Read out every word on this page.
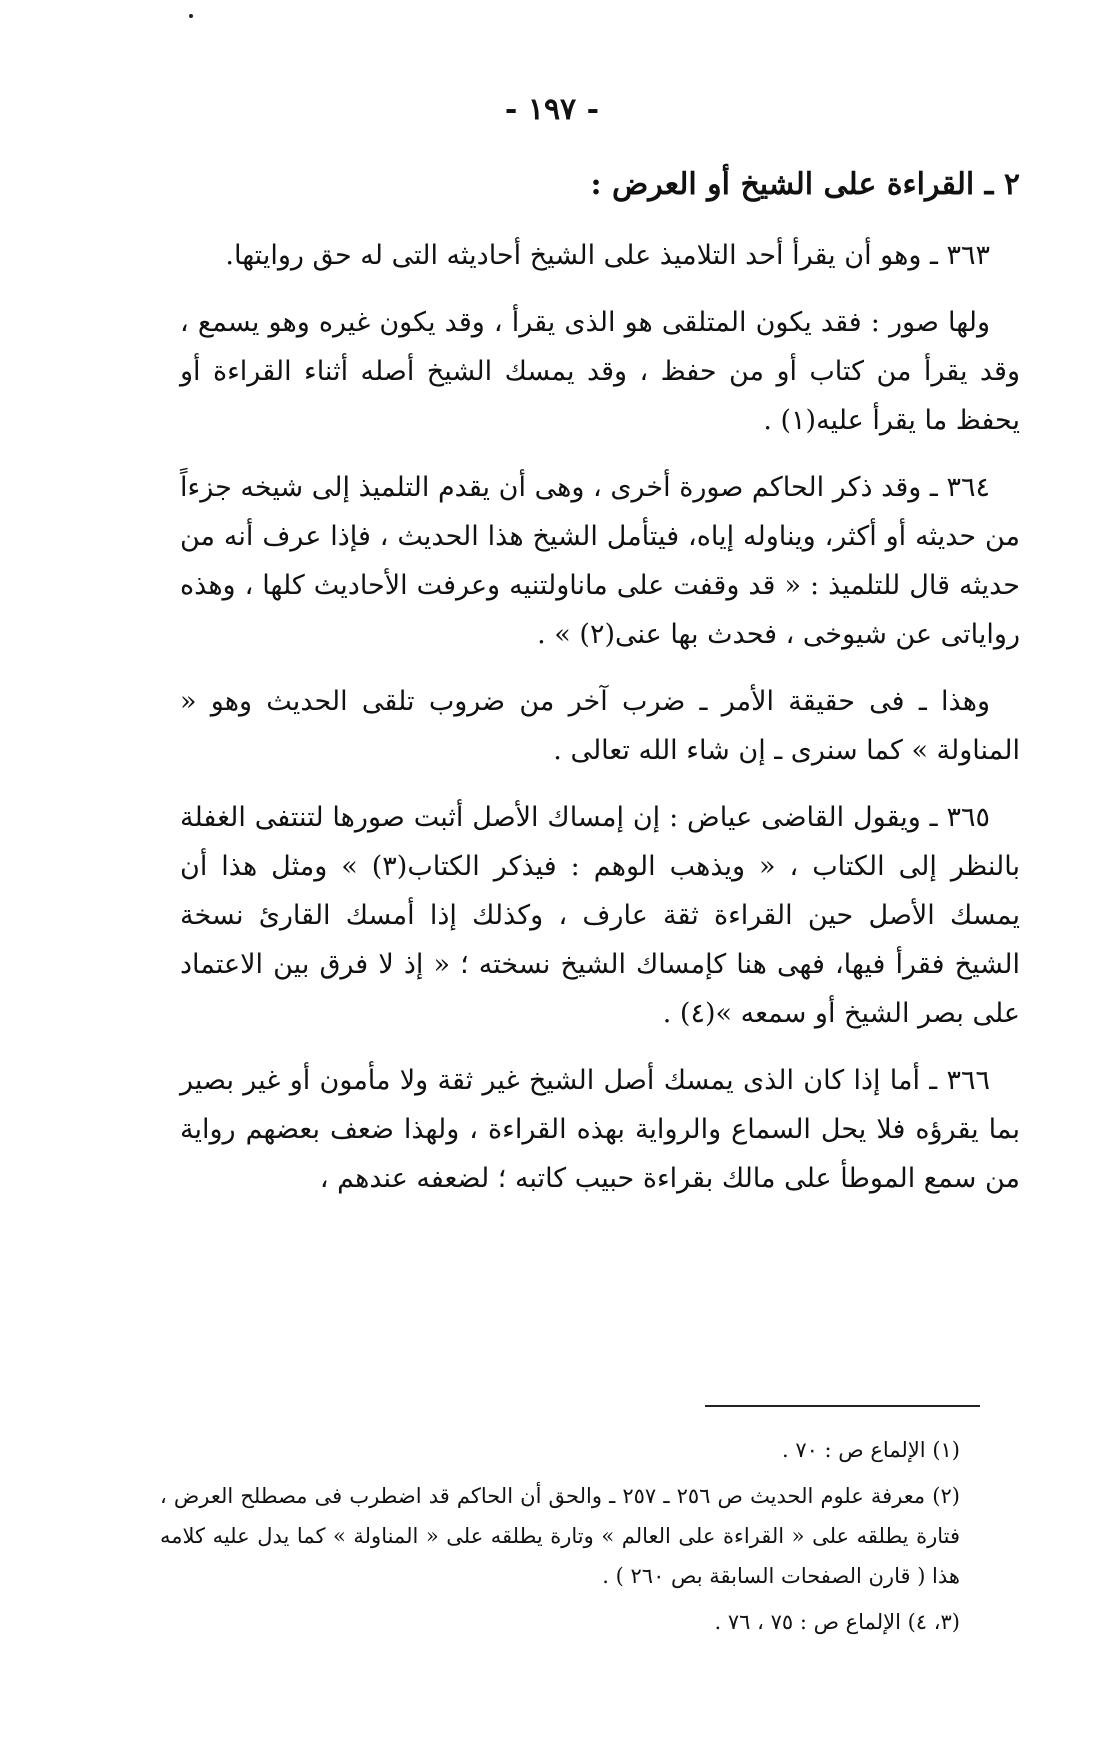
- ١٩٧ -
٢ ـ القراءة على الشيخ أو العرض :

٣٦٣ ـ وهو أن يقرأ أحد التلاميذ على الشيخ أحاديثه التى له حق روايتها.

ولها صور : فقد يكون المتلقى هو الذى يقرأ ، وقد يكون غيره وهو يسمع ، وقد يقرأ من كتاب أو من حفظ ، وقد يمسك الشيخ أصله أثناء القراءة أو يحفظ ما يقرأ عليه(١) .

٣٦٤ ـ وقد ذكر الحاكم صورة أخرى ، وهى أن يقدم التلميذ إلى شيخه جزءاً من حديثه أو أكثر، ويناوله إياه، فيتأمل الشيخ هذا الحديث ، فإذا عرف أنه من حديثه قال للتلميذ : « قد وقفت على ماناولتنيه وعرفت الأحاديث كلها ، وهذه رواياتى عن شيوخى ، فحدث بها عنى(٢) » .

وهذا ـ فى حقيقة الأمر ـ ضرب آخر من ضروب تلقى الحديث وهو « المناولة » كما سنرى ـ إن شاء الله تعالى .

٣٦٥ ـ ويقول القاضى عياض : إن إمساك الأصل أثبت صورها لتنتفى الغفلة بالنظر إلى الكتاب ، « ويذهب الوهم : فيذكر الكتاب(٣) » ومثل هذا أن يمسك الأصل حين القراءة ثقة عارف ، وكذلك إذا أمسك القارئ نسخة الشيخ فقرأ فيها، فهى هنا كإمساك الشيخ نسخته ؛ « إذ لا فرق بين الاعتماد على بصر الشيخ أو سمعه »(٤) .

٣٦٦ ـ أما إذا كان الذى يمسك أصل الشيخ غير ثقة ولا مأمون أو غير بصير بما يقرؤه فلا يحل السماع والرواية بهذه القراءة ، ولهذا ضعف بعضهم رواية من سمع الموطأ على مالك بقراءة حبيب كاتبه ؛ لضعفه عندهم ،

(١) الإلماع ص : ٧٠ .

(٢) معرفة علوم الحديث ص ٢٥٦ ـ ٢٥٧ ـ والحق أن الحاكم قد اضطرب فى مصطلح العرض ، فتارة يطلقه على « القراءة على العالم » وتارة يطلقه على « المناولة » كما يدل عليه كلامه هذا ( قارن الصفحات السابقة بص ٢٦٠ ) .

(٣، ٤) الإلماع ص : ٧٥ ، ٧٦ .
